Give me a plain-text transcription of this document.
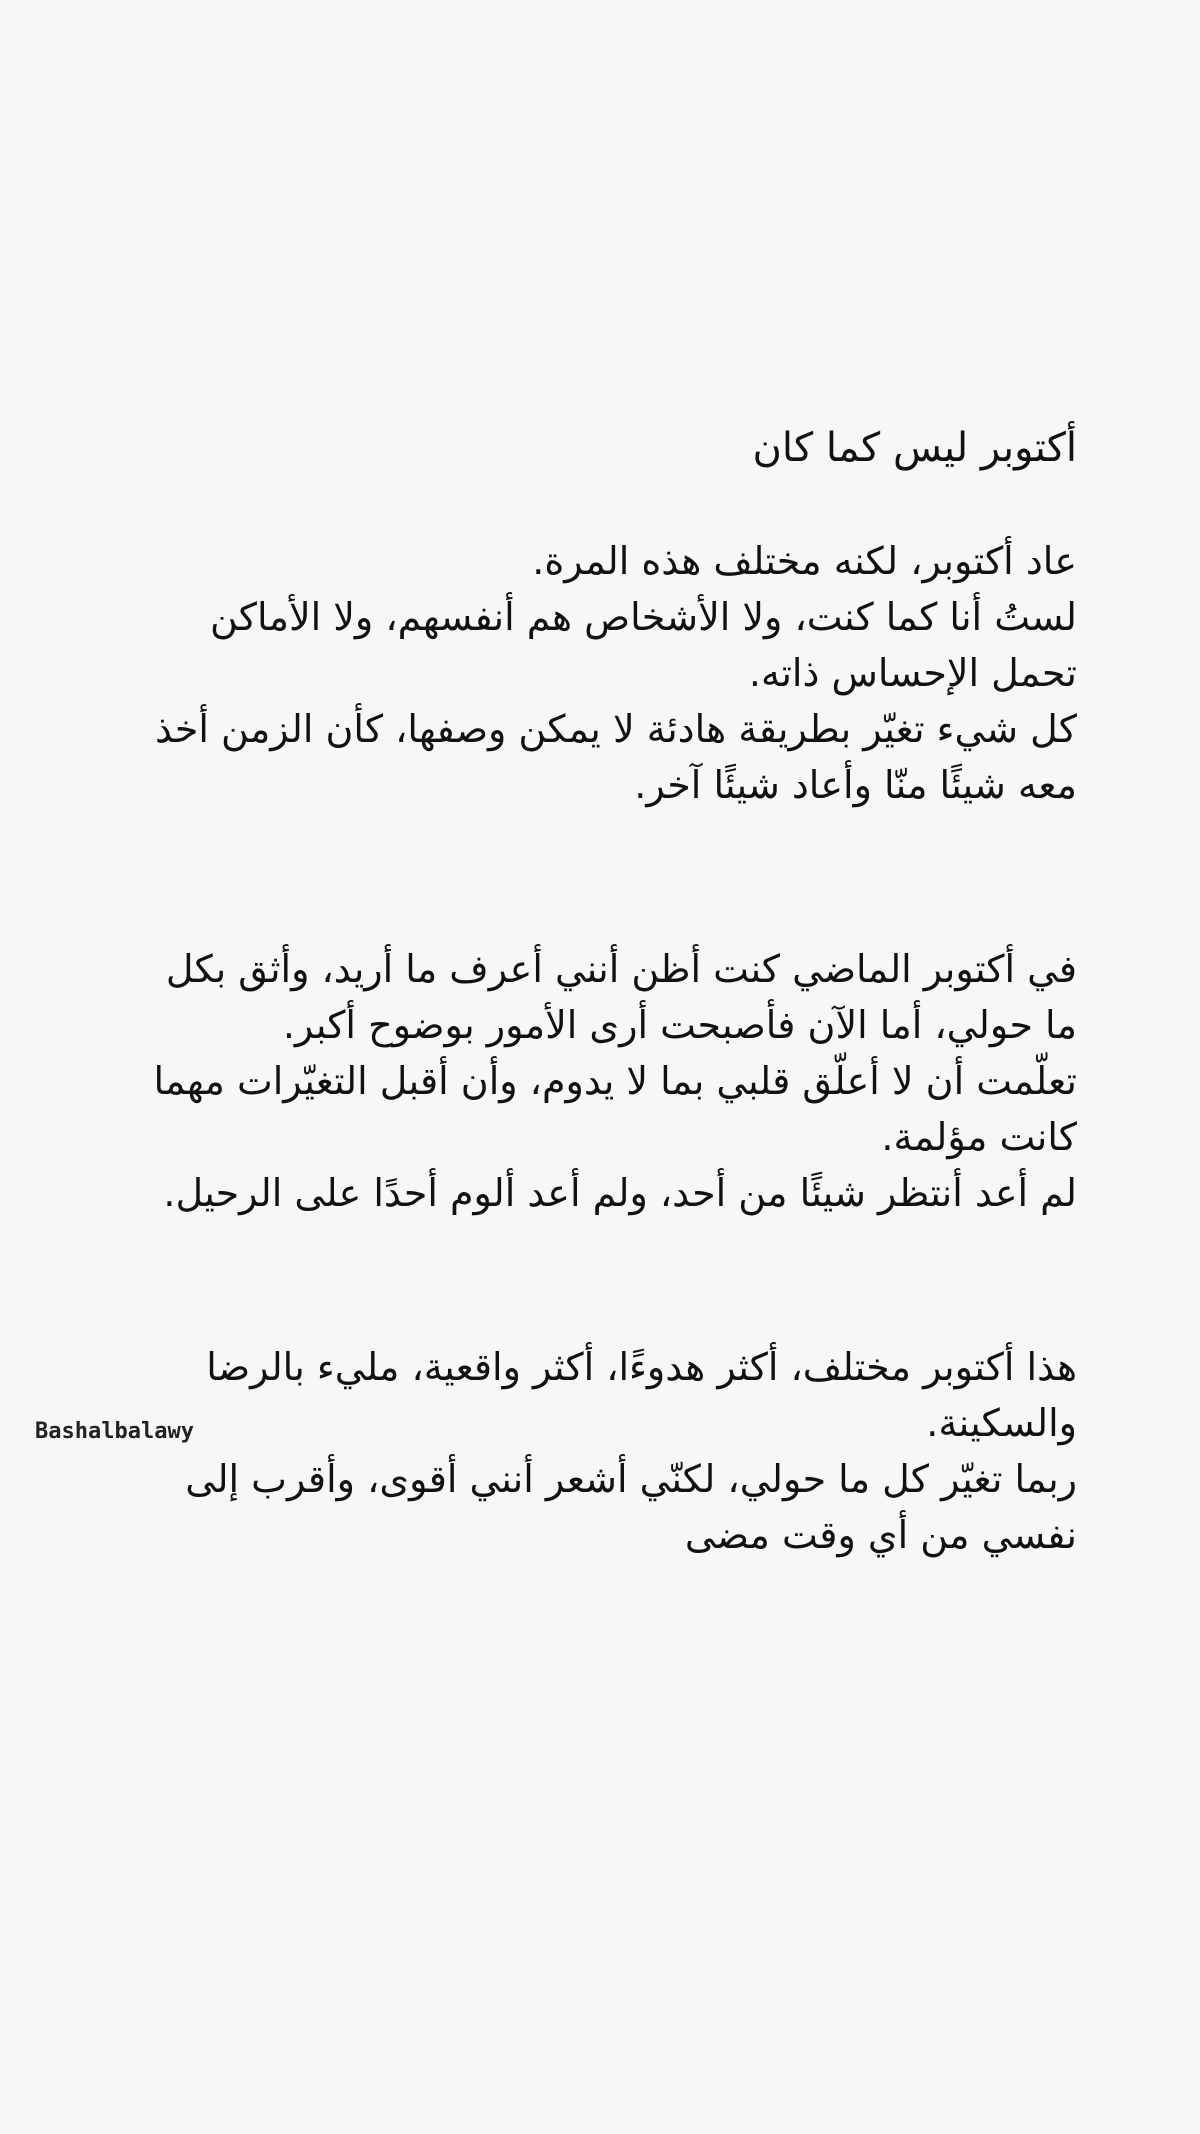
أكتوبر ليس كما كان

عاد أكتوبر، لكنه مختلف هذه المرة.
لستُ أنا كما كنت، ولا الأشخاص هم أنفسهم، ولا الأماكن
تحمل الإحساس ذاته.
كل شيء تغيّر بطريقة هادئة لا يمكن وصفها، كأن الزمن أخذ
معه شيئًا منّا وأعاد شيئًا آخر.

في أكتوبر الماضي كنت أظن أنني أعرف ما أريد، وأثق بكل
ما حولي، أما الآن فأصبحت أرى الأمور بوضوح أكبر.
تعلّمت أن لا أعلّق قلبي بما لا يدوم، وأن أقبل التغيّرات مهما
كانت مؤلمة.
لم أعد أنتظر شيئًا من أحد، ولم أعد ألوم أحدًا على الرحيل.

هذا أكتوبر مختلف، أكثر هدوءًا، أكثر واقعية، مليء بالرضا
والسكينة.
ربما تغيّر كل ما حولي، لكنّي أشعر أنني أقوى، وأقرب إلى
نفسي من أي وقت مضى

Bashalbalawy
